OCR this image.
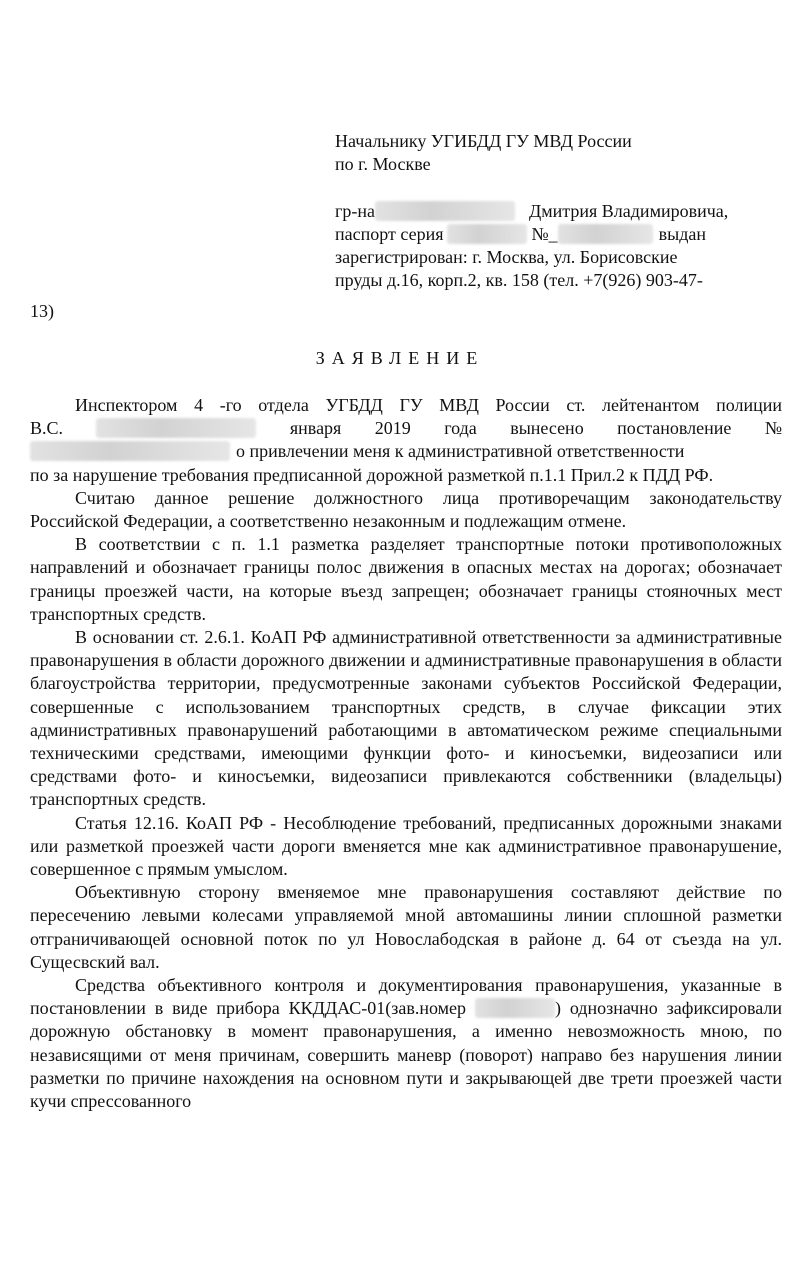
Начальнику УГИБДД ГУ МВД России
по г. Москве
гр-на	Дмитрия Владимировича,
паспорт серия	№_	выдан
зарегистрирован: г. Москва, ул. Борисовские
пруды д.16, корп.2, кв. 158 (тел. +7(926) 903-47-
13)
ЗАЯВЛЕНИЕ

Инспектором 4 -го отдела УГБДД ГУ МВД России ст. лейтенантом полиции

В.С.	января 2019 года вынесено постановление №

о привлечении меня к административной ответственности

по за нарушение требования предписанной дорожной разметкой п.1.1 Прил.2 к ПДД РФ.

Считаю данное решение должностного лица противоречащим законодательству Российской Федерации, а соответственно незаконным и подлежащим отмене.

В соответствии с п. 1.1 разметка разделяет транспортные потоки противоположных направлений и обозначает границы полос движения в опасных местах на дорогах; обозначает границы проезжей части, на которые въезд запрещен; обозначает границы стояночных мест транспортных средств.

В основании ст. 2.6.1. КоАП РФ административной ответственности за административные правонарушения в области дорожного движении и административные правонарушения в области благоустройства территории, предусмотренные законами субъектов Российской Федерации, совершенные с использованием транспортных средств, в случае фиксации этих административных правонарушений работающими в автоматическом режиме специальными техническими средствами, имеющими функции фото- и киносъемки, видеозаписи или средствами фото- и киносъемки, видеозаписи привлекаются собственники (владельцы) транспортных средств.

Статья 12.16. КоАП РФ - Несоблюдение требований, предписанных дорожными знаками или разметкой проезжей части дороги вменяется мне как административное правонарушение, совершенное с прямым умыслом.

Объективную сторону вменяемое мне правонарушения составляют действие по пересечению левыми колесами управляемой мной автомашины линии сплошной разметки отграничивающей основной поток по ул Новослабодская в районе д. 64 от съезда на ул. Сущесвский вал.

Средства объективного контроля и документирования правонарушения, указанные в постановлении в виде прибора ККДДАС-01(зав.номер	) однозначно зафиксировали дорожную обстановку в момент правонарушения, а именно невозможность мною, по независящими от меня причинам, совершить маневр (поворот) направо без нарушения линии разметки по причине нахождения на основном пути и закрывающей две трети проезжей части кучи спрессованного
